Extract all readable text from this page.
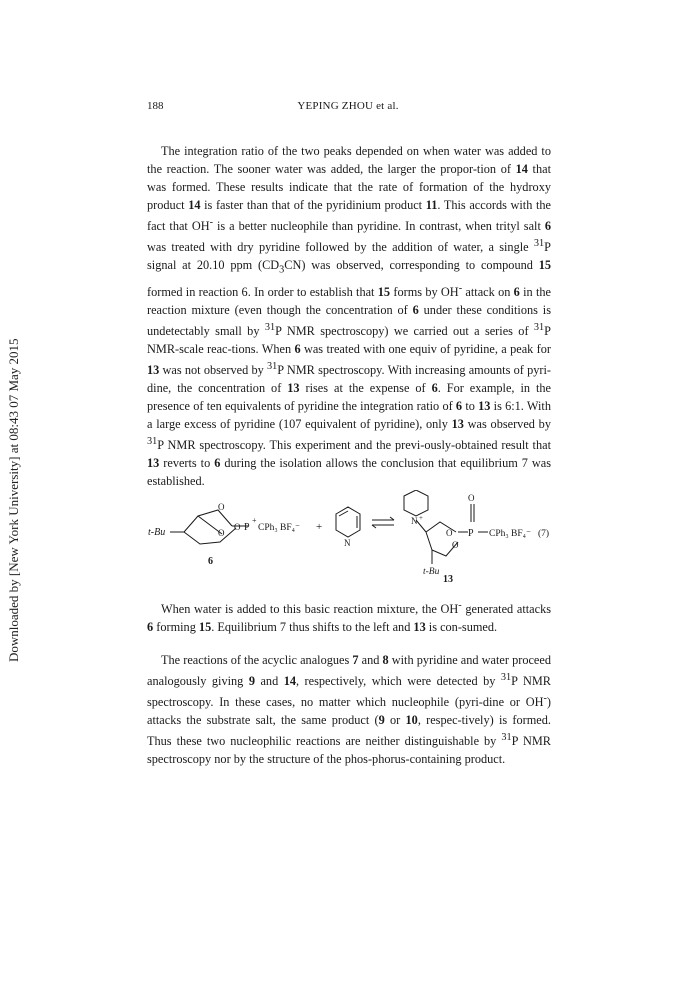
188	YEPING ZHOU et al.
Downloaded by [New York University] at 08:43 07 May 2015

The integration ratio of the two peaks depended on when water was added to the reaction. The sooner water was added, the larger the propor-tion of 14 that was formed. These results indicate that the rate of formation of the hydroxy product 14 is faster than that of the pyridinium product 11. This accords with the fact that OH- is a better nucleophile than pyridine. In contrast, when trityl salt 6 was treated with dry pyridine followed by the addition of water, a single $^{31}$P signal at 20.10 ppm $(CD_3CN)$ was observed, corresponding to compound 15 formed in reaction 6. In order to establish that 15 forms by OH- attack on 6 in the reaction mixture (even though the concentration of 6 under these conditions is undetectably small by $^{31}$P NMR spectroscopy) we carried out a series of $^{31}$P NMR-scale reac-tions. When 6 was treated with one equiv of pyridine, a peak for 13 was not observed by $^{31}$P NMR spectroscopy. With increasing amounts of pyri-dine, the concentration of 13 rises at the expense of 6. For example, in the presence of ten equivalents of pyridine the integration ratio of 6 to 13 is 6:1. With a large excess of pyridine (107 equivalent of pyridine), only 13 was observed by $^{31}$P NMR spectroscopy. This experiment and the previ-ously-obtained result that 13 reverts to 6 during the isolation allows the conclusion that equilibrium 7 was established.

t-Bu
O
O
O P
+
CPh₃ BF₄⁻
6
+
N
N +
O
O
O
P CPh₃ BF₄⁻ (7)
t-Bu
13

When water is added to this basic reaction mixture, the OH- generated attacks 6 forming 15. Equilibrium 7 thus shifts to the left and 13 is con-sumed.

The reactions of the acyclic analogues 7 and 8 with pyridine and water proceed analogously giving 9 and 14, respectively, which were detected by $^{31}$P NMR spectroscopy. In these cases, no matter which nucleophile (pyri-dine or OH-) attacks the substrate salt, the same product (9 or 10, respec-tively) is formed. Thus these two nucleophilic reactions are neither distinguishable by $^{31}$P NMR spectroscopy nor by the structure of the phos-phorus-containing product.
